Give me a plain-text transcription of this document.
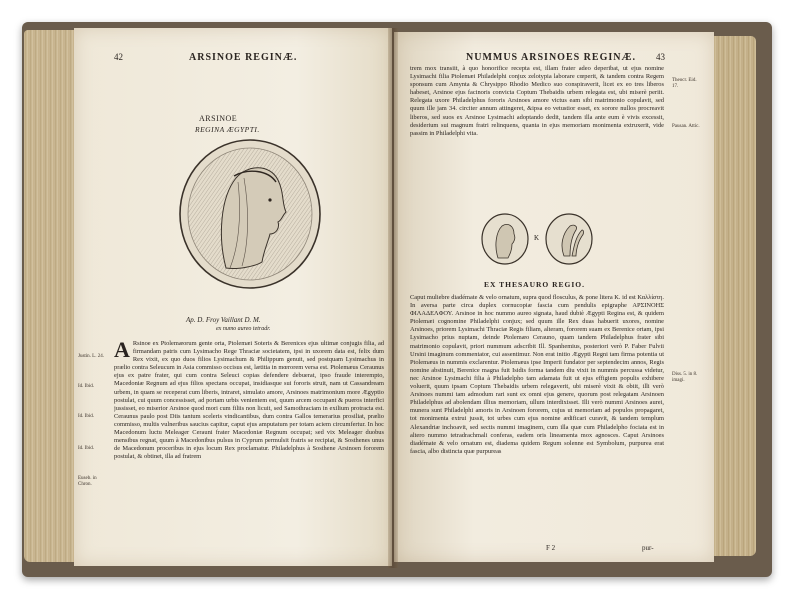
42	ARSINOE REGINÆ.
ARSINOE
REGINA ÆGYPTI.
Ap. D. Froy Vaillant D. M.
ex numo aureo tetradr.
A Rsinoe ex Ptolemæorum gente orta, Ptolemæi Soteris & Berenices ejus ultimæ conjugis filia, ad firmandam patris cum Lysimacho Rege Thraciæ societatem, ipsi in uxorem data est, felix dum Rex vixit, ex quo duos filios Lysimachum & Philippum genuit, sed postquam Lysimachus in prælio contra Seleucum in Asia commisso occisus est, lætitia in mœrorem versa est. Ptolemæus Ceraunus ejus ex patre frater, qui cum contra Seleuci copias defendere debuerat, ipso fraude interempto, Macedoniæ Regnum ad ejus filios spectans occupat, insidiasque sui fororis struit, nam ut Cassandream urbem, in quam se receperat cum liberis, intraret, simulato amore, Arsinoes matrimonium more Ægyptio postulat, cui quum concessisset, ad portam urbis venientem est, quum arcem occupant & pueros interfici jussisset, eo miserior Arsinoe quod mori cum filiis non licuit, sed Samothraciam in exilium protracta est. Ceraunus paulo post Diis tantum sceleris vindicantibus, dum contra Gallos temerarius prosiliat, prælio commisso, multis vulneribus saucius capitur, caput ejus amputatum per totam aciem circumfertur. In hoc Macedonum luctu Meleager Cerauni frater Macedoniæ Regnum occupat; sed vix Meleager duobus mensibus regnat, quum à Macedonibus pulsus in Cyprum permulsit fratris se recipiat, & Sosthenes unus de Macedonum proceribus in ejus locum Rex proclamatur. Philadelphus à Sosthene Arsinoen fororem postulat, & obtinet, illa ad fratrem
Justin. L. 24.
Id. Ibid.
Id. Ibid.
Id. Ibid.
Euseb. in Chron.
NUMMUS ARSINOES REGINÆ. 43
trem mox transiit, à quo honorifice recepta est, illam frater adeo deperibat, ut ejus nomine Lysimachi filia Ptolemæi Philadelphi conjux zelotypia laborare cœperit, & tandem contra Regem sponsum cum Amynta & Chrysippo Rhodio Medico suo conspiraverit, licet ex eo tres liberos habeset, Arsinoe ejus facinoris convicta Coptum Thebaidis urbem relegata est, ubi miserè periit. Relegata uxore Philadelphus fororis Arsinoes amore victus eam sibi matrimonio copulavit, sed quum ille jam 34. circiter annum attingeret, &ipsa eo vetustior esset, ex sorore nullos procreavit liberos, sed suos ex Arsinoe Lysimachi adoptando dedit, tandem illa ante eum è vivis excessit, desiderium sui magnum fratri relinquens, quanta in ejus memoriam monimenta extruxerit, vide passim in Philadelphi vita.
K
EX THESAURO REGIO.
Caput muliebre diadémate & velo ornatum, supra quod flosculus, & pone litera K. id est Καλλίστη. In aversa parte circa duplex cornucopiæ fascia cum pendulis epigraphe ΑΡΣΙΝΟΗΣ ΦΙΛΑΔΕΛΦΟΥ. Arsinoe in hoc nummo aureo signata, haud dubiè Ægypti Regina est, & quidem Ptolemæi cognomine Philadelphi conjux; sed quum ille Rex duas habuerit uxores, nomine Arsinoes, priorem Lysimachi Thraciæ Regis filiam, alteram, fororem suam ex Berenice ortam, ipsi Lysimacho prius nuptam, deinde Ptolemæo Cerauno, quam tandem Philadelphus frater sibi matrimonio copulavit, priori nummum adscribit Ill. Spanhemius, posteriori verò P. Faber Fulvii Ursini imaginum commentator, cui assentimur. Non erat initio Ægypti Regni tam firma potentia ut Ptolemæus in nummis exclarentur. Ptolemæus ipse Imperii fundator per septendecim annos, Regis nomine abstinuit, Berenice magna fuit Isidis forma tandem diu vixit in nummis percussa videtur, nec Arsinoe Lysimachi filia à Philadelpho tam adamata fuit ut ejus effigiem populis exhibere voluerit, quum ipsam Coptum Thebaidis urbem relegaverit, ubi miserè vixit & obiit, illi verò Arsinoes nummi tam admodum rari sunt ex omni ejus genere, quorum post relegatam Arsinoen Philadelphus ad abolendam illius memoriam, ullum interdixisset. Illi verò nummi Arsinoes aurei, munera sunt Philadelphi amoris in Arsinoen fororem, cujus ut memoriam ad populos propagaret, tot monimenta extrui jussit, tot urbes cum ejus nomine ædificari curavit, & tandem templum Alexandriæ inchoavit, sed sectis nummi imaginem, cum illa quæ cum Philadelpho fociata est in altero nummo tetradrachmali conferas, eadem oris lineamenta mox agnosces. Caput Arsinoes diadémate & velo ornatum est, diadema quidem Regum solenne est Symbolum, purpurea erat fascia, albo distincta quæ purpureas
F 2	pur-
Theocr. Eid. 17.
Pausan. Attic.
Diss. 5. in 8. imagi.
